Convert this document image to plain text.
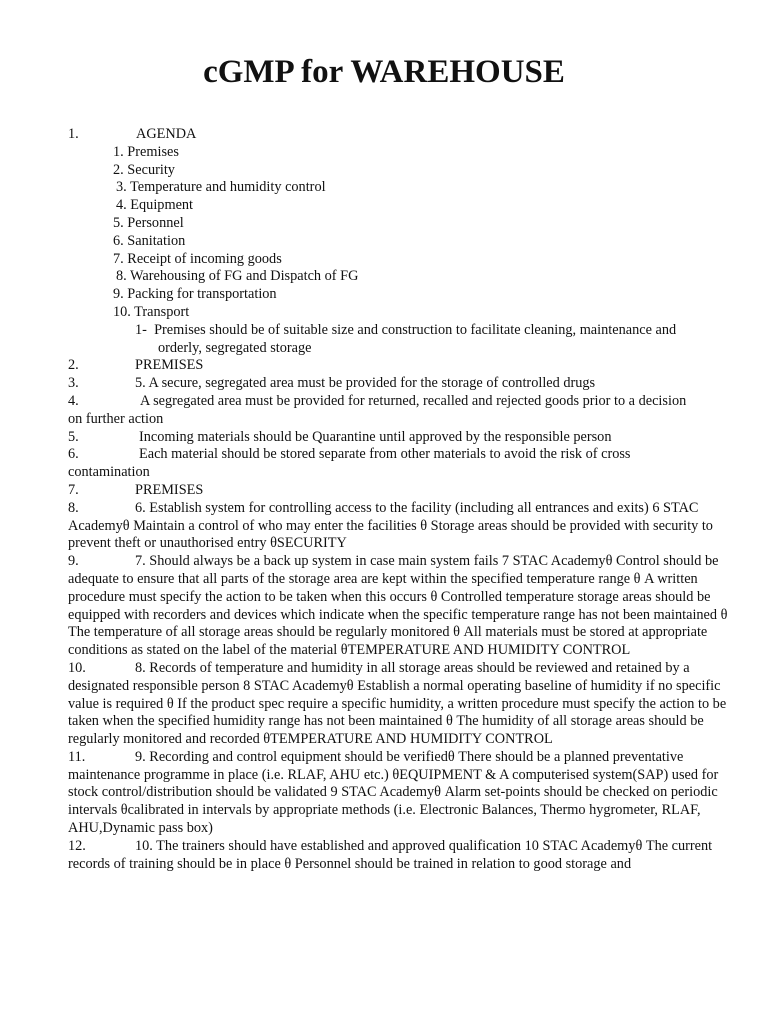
cGMP for WAREHOUSE
1.	AGENDA
1. Premises
2. Security
3. Temperature and humidity control
4. Equipment
5. Personnel
6. Sanitation
7. Receipt of incoming goods
8. Warehousing of FG and Dispatch of FG
9. Packing for transportation
10. Transport
1- Premises should be of suitable size and construction to facilitate cleaning, maintenance and
orderly, segregated storage
2.	PREMISES
3.	5. A secure, segregated area must be provided for the storage of controlled drugs
4.	A segregated area must be provided for returned, recalled and rejected goods prior to a decision
on further action
5.	Incoming materials should be Quarantine until approved by the responsible person
6.	Each material should be stored separate from other materials to avoid the risk of cross
contamination
7.	PREMISES
8.	6. Establish system for controlling access to the facility (including all entrances and exits) 6 STAC Academyθ Maintain a control of who may enter the facilities θ Storage areas should be provided with security to prevent theft or unauthorised entry θSECURITY
9.	7. Should always be a back up system in case main system fails 7 STAC Academyθ Control should be adequate to ensure that all parts of the storage area are kept within the specified temperature range θ A written procedure must specify the action to be taken when this occurs θ Controlled temperature storage areas should be equipped with recorders and devices which indicate when the specific temperature range has not been maintained θ The temperature of all storage areas should be regularly monitored θ All materials must be stored at appropriate conditions as stated on the label of the material θTEMPERATURE AND HUMIDITY CONTROL
10.	8. Records of temperature and humidity in all storage areas should be reviewed and retained by a designated responsible person 8 STAC Academyθ Establish a normal operating baseline of humidity if no specific value is required θ If the product spec require a specific humidity, a written procedure must specify the action to be taken when the specified humidity range has not been maintained θ The humidity of all storage areas should be regularly monitored and recorded θTEMPERATURE AND HUMIDITY CONTROL
11.	9. Recording and control equipment should be verifiedθ There should be a planned preventative maintenance programme in place (i.e. RLAF, AHU etc.) θEQUIPMENT & A computerised system(SAP) used for stock control/distribution should be validated 9 STAC Academyθ Alarm set-points should be checked on periodic intervals θcalibrated in intervals by appropriate methods (i.e. Electronic Balances, Thermo hygrometer, RLAF, AHU,Dynamic pass box)
12.	10. The trainers should have established and approved qualification 10 STAC Academyθ The current records of training should be in place θ Personnel should be trained in relation to good storage and
